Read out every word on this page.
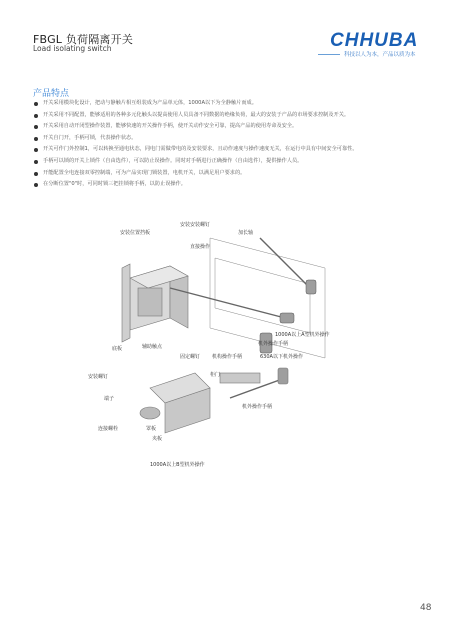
FBGL 负荷隔离开关
Load isolating switch	CHHUBA
科技以人为本，产品以质为本
产品特点
开关采用模块化设计，把动与静触片相互组装成为产品单元体，1000A以下为全静触片而成。
开关采用不同配置，能够适用的各种多元化触头以提高使用人员具备不同数据的绝缘负荷，最大的安装于产品的市场要求控制及开关。
开关采用自动开闭型操作装置，能够快速的开关操作手柄，使开关动作安全可靠，提高产品的使用寿命及安全。
开关自门开，手柄可锁，代表操作状态。
开关可作门外控制1，可以转换至通电状态，同电门需做带电的及安装要求，且动作速度与操作速度无关，在运行中具有中间安全可靠性。
手柄可以锁的开关上锁件（自由选件），可以防止误操作。同时对手柄进行正确操作（自由选件），提供操作人员。
开能配置全电连接双零控制端，可为产品实现门锁装置，电机开关，以满足用户要求的。
在分断位置"0"时，可同时锁三把挂锁将手柄，以防止误操作。
安装位置挡板
安装安装螺钉
加长轴
直接操作
1000A以上A型机外操作
机外操作手柄
底板	辅助触点
固定螺钉 机构操作手柄	630A以下机外操作
安装螺钉	柜门
端子
机外操作手柄
连接螺栓	罩板
夹板
1000A以上B型机外操作
48
